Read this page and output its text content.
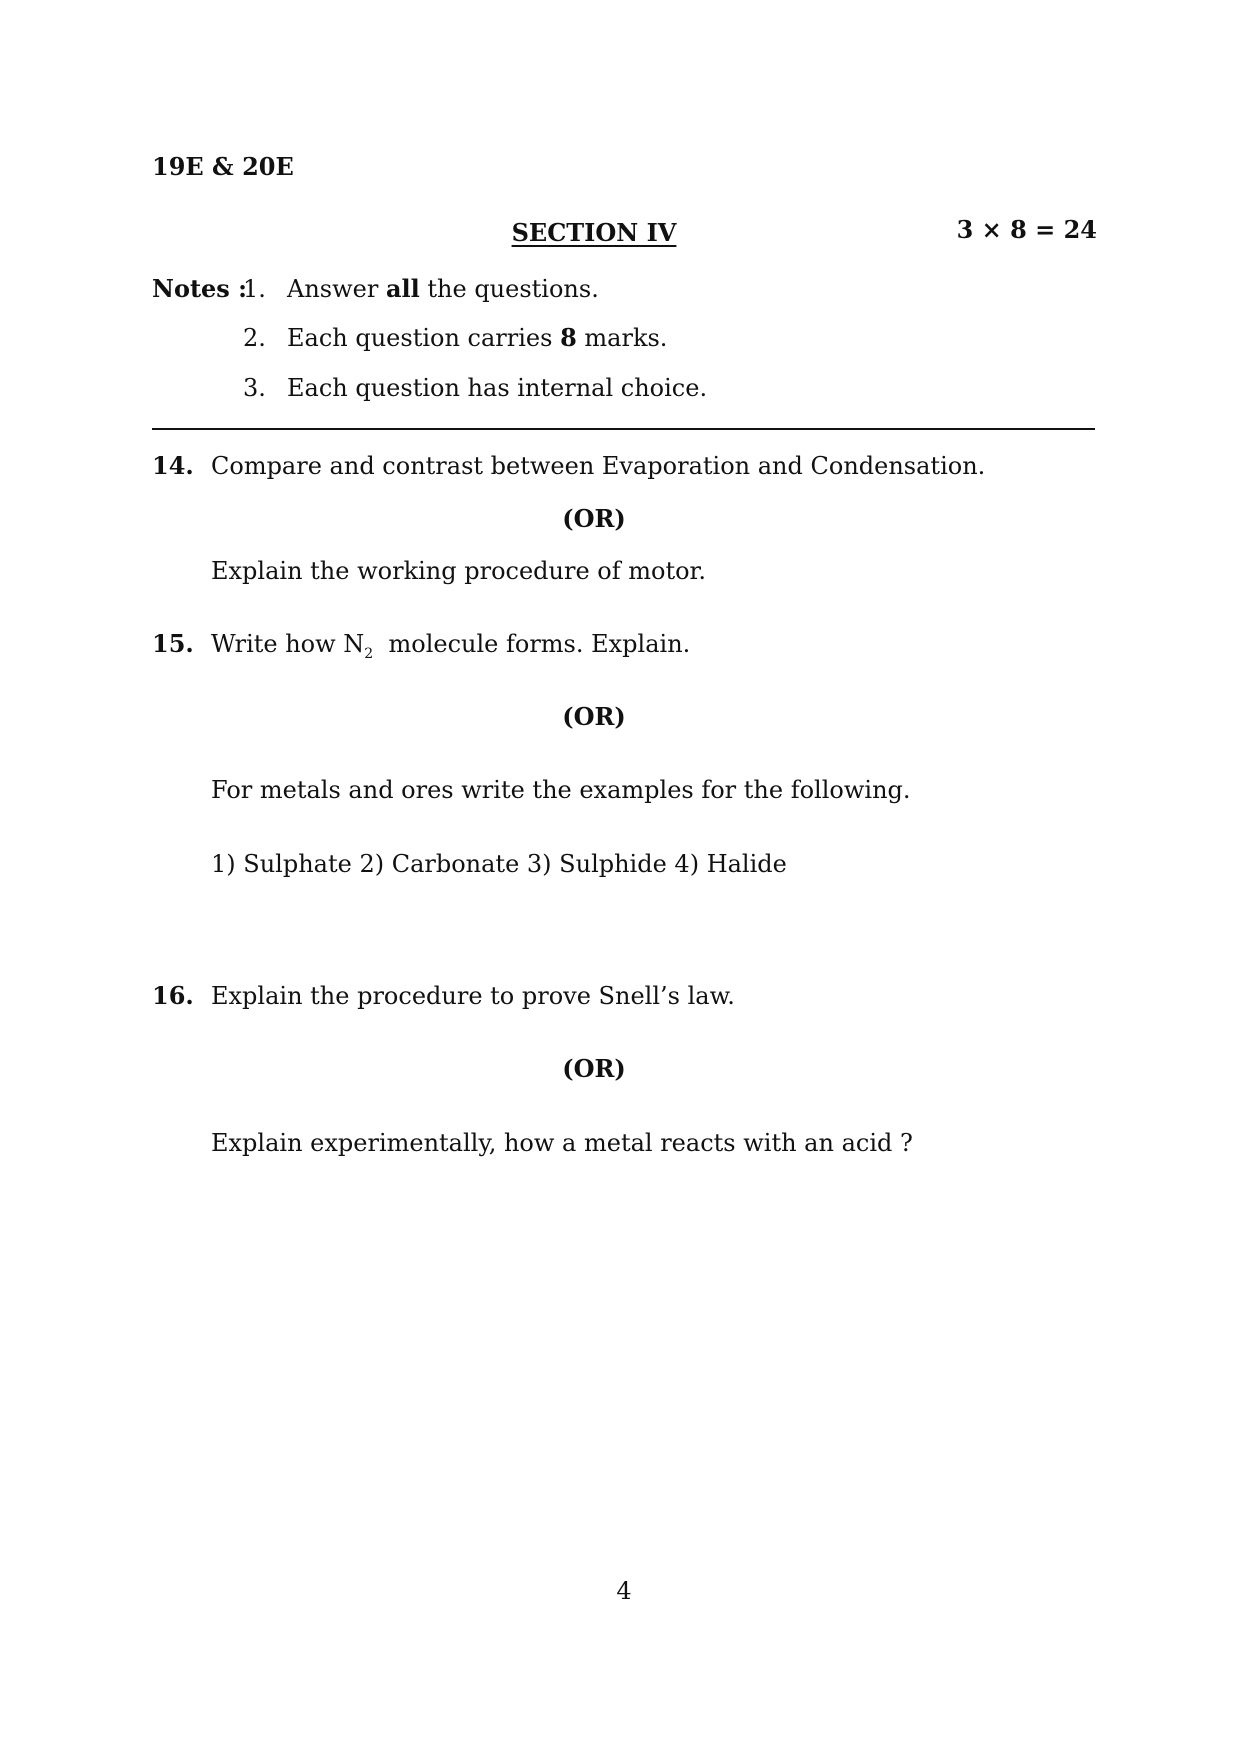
19E & 20E
SECTION IV	3 × 8 = 24
Notes :
1. Answer all the questions.
2. Each question carries 8 marks.
3. Each question has internal choice.
14. Compare and contrast between Evaporation and Condensation.
(OR)
Explain the working procedure of motor.
15. Write how $N_2$  molecule forms. Explain.
(OR)
For metals and ores write the examples for the following.
1) Sulphate 2) Carbonate 3) Sulphide 4) Halide
16. Explain the procedure to prove Snell’s law.
(OR)
Explain experimentally, how a metal reacts with an acid ?
4
